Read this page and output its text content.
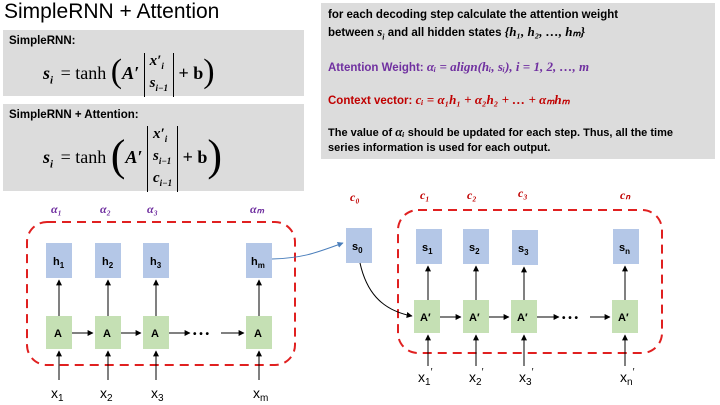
SimpleRNN + Attention
SimpleRNN:
$s_i = \tanh (A'$ $x'_i$
$s_{i-1} + b$)
SimpleRNN + Attention:
$s_i = \tanh (A'$ $x'_i$
$s_{i-1}$
$c_{i-1} + b$)
for each decoding step calculate the attention weight
between $s_i$ and all hidden states {h₁, h₂, …, hₘ}
Attention Weight: αᵢ = align(hᵢ, sᵢ), i = 1, 2, …, m
Context vector: cᵢ = α₁h₁ + α₂h₂ + … + αₘhₘ
The value of αᵢ should be updated for each step. Thus, all the time
series information is used for each output.
α₁	α₂	α₃	αₘ
$h_1$	$h_2$	$h_3$	$h_m$
A	A	A	A
• • •
$x_1$	$x_2$	$x_3$	$x_m$
c₀
$s_0$
c₁	c₂	c₃	cₙ
$s_1$	$s_2$	$s_3$	$s_n$
A′	A′	A′	A′
• • •
$x_1'$	$x_2'$	$x_3'$	$x_n'$
